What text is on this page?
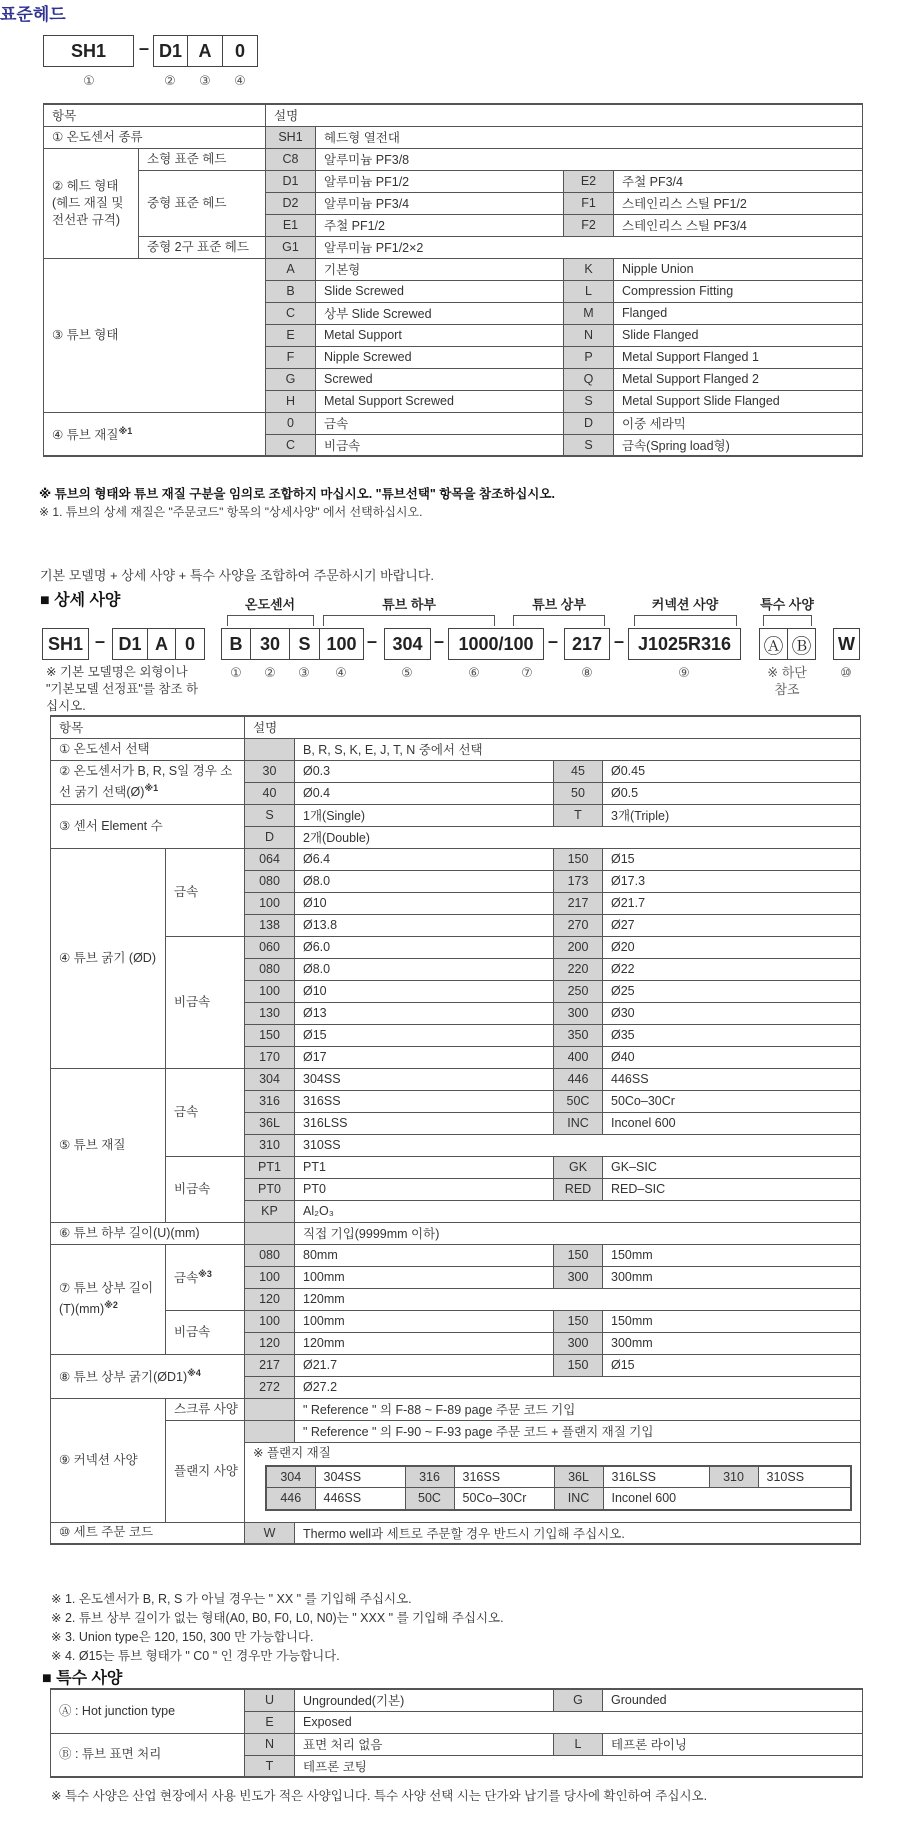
표준헤드
SH1	– D1 A	0
①	② ③ ④
항목		설명			
① 온도센서 종류		SH1	헤드형 열전대		
② 헤드 형태 (헤드 재질 및 전선관 규격)	소형 표준 헤드	C8	알루미늄 PF3/8		
	중형 표준 헤드	D1	알루미늄 PF1/2	E2	주철 PF3/4
		D2	알루미늄 PF3/4	F1	스테인리스 스틸 PF1/2
		E1	주철 PF1/2	F2	스테인리스 스틸 PF3/4
	중형 2구 표준 헤드	G1	알루미늄 PF1/2×2		
③ 튜브 형태		A	기본형	K	Nipple Union
		B	Slide Screwed	L	Compression Fitting
		C	상부 Slide Screwed	M	Flanged
		E	Metal Support	N	Slide Flanged
		F	Nipple Screwed	P	Metal Support Flanged 1
		G	Screwed	Q	Metal Support Flanged 2
		H	Metal Support Screwed	S	Metal Support Slide Flanged
④ 튜브 재질$^{※1}$		0	금속	D	이중 세라믹
		C	비금속	S	금속(Spring load형)
※ 튜브의 형태와 튜브 재질 구분을 임의로 조합하지 마십시오. "튜브선택" 항목을 참조하십시오.
※ 1. 튜브의 상세 재질은 "주문코드" 항목의 "상세사양" 에서 선택하십시오.
기본 모델명 + 상세 사양 + 특수 사양을 조합하여 주문하시기 바랍니다.
■ 상세 사양	온도센서	튜브 하부	튜브 상부	커넥션 사양	특수 사양
SH1 – D1 A 0	B 30	S 100 – 304 – 1000/100 – 217 – J1025R316	Ⓐ Ⓑ W
※ 기본 모델명은 외형이나 "기본모델 선정표"를 참조 하십시오.
① ② ③ ④	⑤	⑥	⑦	⑧	⑨	※ 하단 참조
⑩
항목	설명
① 온도센서 선택		B, R, S, K, E, J, T, N 중에서 선택
② 온도센서가 B, R, S일 경우 소선 굵기 선택(Ø)$^{※1}$	30	Ø0.3	45	Ø0.45
40	Ø0.4	50	Ø0.5
③ 센서 Element 수	S	1개(Single)	T	3개(Triple)
D	2개(Double)
④ 튜브 굵기 (ØD)	금속	064	Ø6.4	150	Ø15
080	Ø8.0	173	Ø17.3
100	Ø10	217	Ø21.7
138	Ø13.8	270	Ø27
비금속	060	Ø6.0	200	Ø20
080	Ø8.0	220	Ø22
100	Ø10	250	Ø25
130	Ø13	300	Ø30
150	Ø15	350	Ø35
170	Ø17	400	Ø40
⑤ 튜브 재질	금속	304	304SS	446	446SS
316	316SS	50C	50Co–30Cr
36L	316LSS	INC	Inconel 600
310	310SS
비금속	PT1	PT1	GK	GK–SIC
PT0	PT0	RED	RED–SIC
KP	Al₂O₃
⑥ 튜브 하부 길이(U)(mm)		직접 기입(9999mm 이하)
⑦ 튜브 상부 길이(T)(mm)$^{※2}$	금속$^{※3}$	080	80mm	150	150mm
100	100mm	300	300mm
120	120mm
비금속	100	100mm	150	150mm
120	120mm	300	300mm
⑧ 튜브 상부 굵기(ØD1)$^{※4}$	217	Ø21.7	150	Ø15
272	Ø27.2
⑨ 커넥션 사양	스크류 사양		" Reference " 의 F-88 ~ F-89 page 주문 코드 기입
플랜지 사양		" Reference " 의 F-90 ~ F-93 page 주문 코드 + 플랜지 재질 기입

※ 플랜지 재질
304	304SS	316	316SS	36L	316LSS	310	310SS
446	446SS	50C	50Co–30Cr	INC	Inconel 600

⑩ 세트 주문 코드	W	Thermo well과 세트로 주문할 경우 반드시 기입해 주십시오.
※ 1. 온도센서가 B, R, S 가 아닐 경우는 " XX " 를 기입해 주십시오.
※ 2. 튜브 상부 길이가 없는 형태(A0, B0, F0, L0, N0)는 " XXX " 를 기입해 주십시오.
※ 3. Union type은 120, 150, 300 만 가능합니다.
※ 4. Ø15는 튜브 형태가 " C0 " 인 경우만 가능합니다.
■ 특수 사양
Ⓐ : Hot junction type	U	Ungrounded(기본)	G	Grounded
	E	Exposed		
Ⓑ : 튜브 표면 처리	N	표면 처리 없음	L	테프론 라이닝
	T	테프론 코팅		
※ 특수 사양은 산업 현장에서 사용 빈도가 적은 사양입니다. 특수 사양 선택 시는 단가와 납기를 당사에 확인하여 주십시오.
